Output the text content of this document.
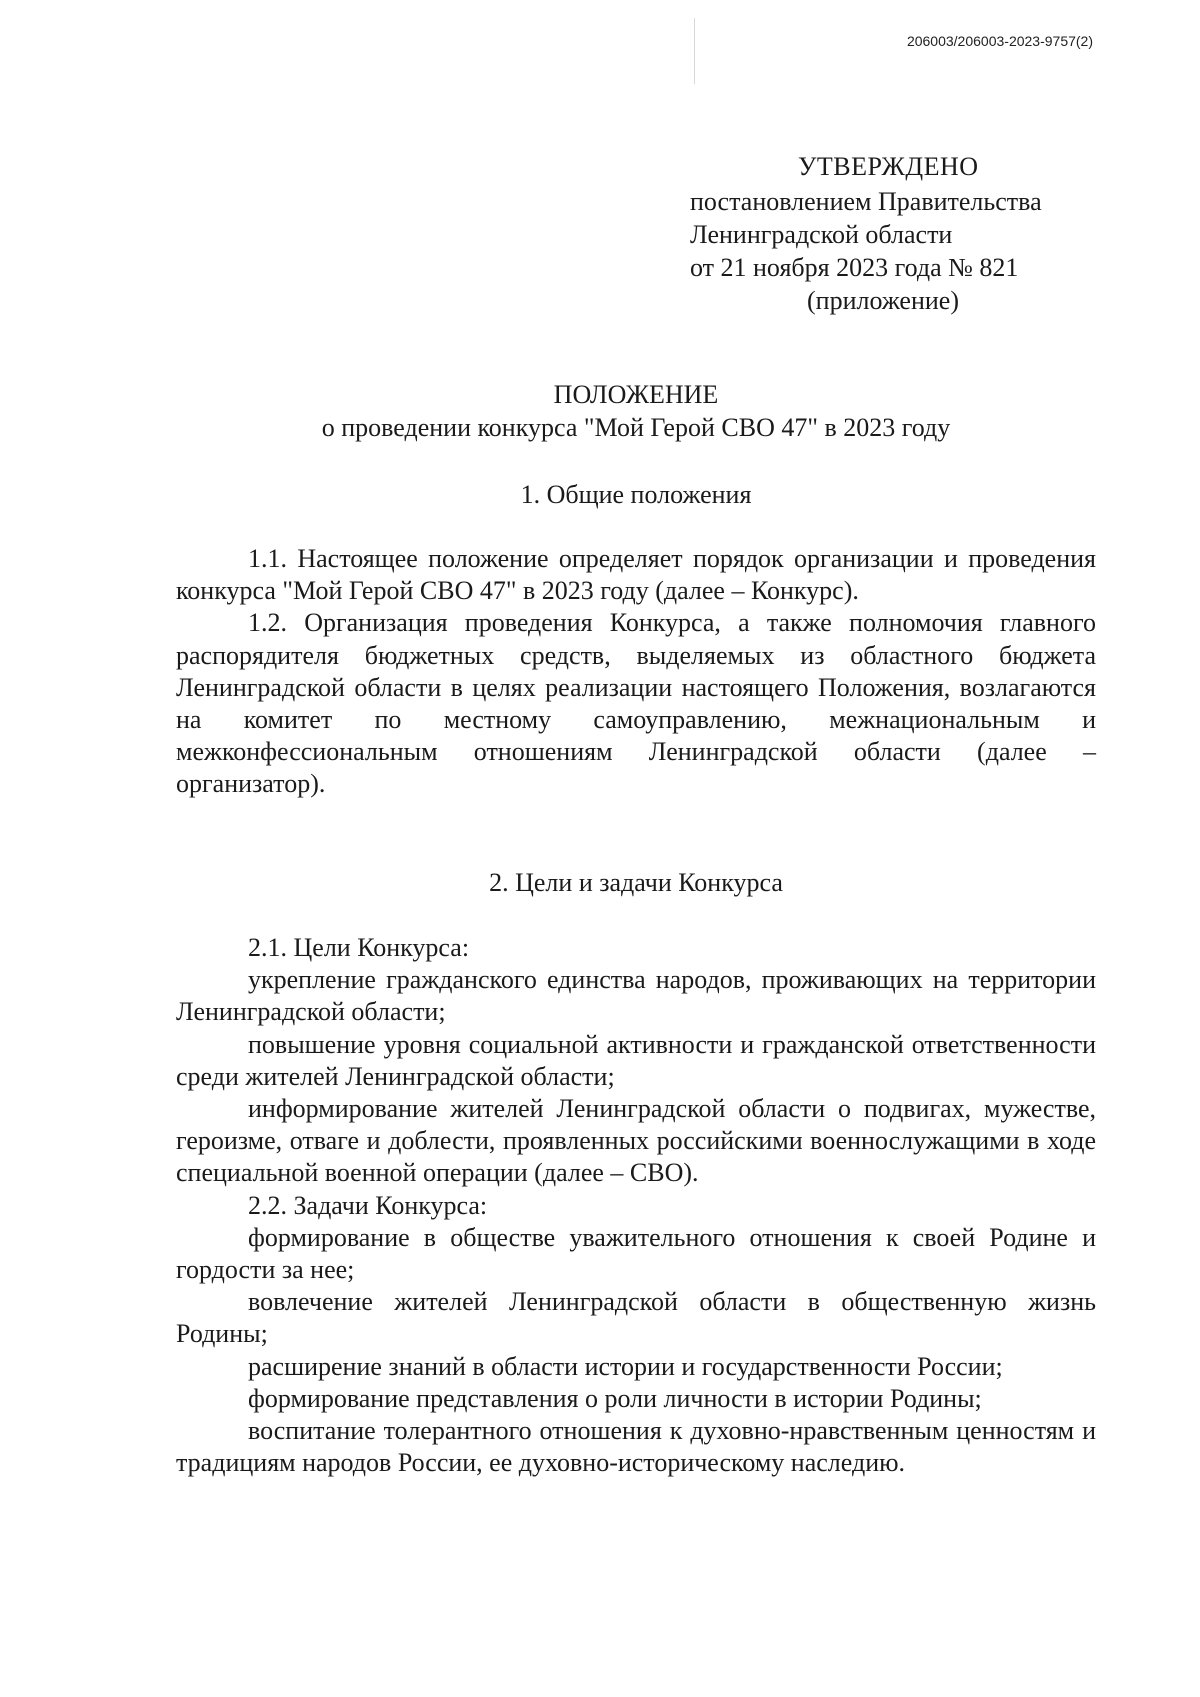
206003/206003-2023-9757(2)
УТВЕРЖДЕНО
постановлением Правительства
Ленинградской области
от 21 ноября 2023 года № 821
(приложение)
ПОЛОЖЕНИЕ
о проведении конкурса "Мой Герой СВО 47" в 2023 году
1. Общие положения

1.1. Настоящее положение определяет порядок организации и проведения конкурса "Мой Герой СВО 47" в 2023 году (далее – Конкурс).

1.2. Организация проведения Конкурса, а также полномочия главного распорядителя бюджетных средств, выделяемых из областного бюджета Ленинградской области в целях реализации настоящего Положения, возлагаются на комитет по местному самоуправлению, межнациональным и межконфессиональным отношениям Ленинградской области (далее – организатор).

2. Цели и задачи Конкурса

2.1. Цели Конкурса:

укрепление гражданского единства народов, проживающих на территории Ленинградской области;

повышение уровня социальной активности и гражданской ответственности среди жителей Ленинградской области;

информирование жителей Ленинградской области о подвигах, мужестве, героизме, отваге и доблести, проявленных российскими военнослужащими в ходе специальной военной операции (далее – СВО).

2.2. Задачи Конкурса:

формирование в обществе уважительного отношения к своей Родине и гордости за нее;

вовлечение жителей Ленинградской области в общественную жизнь Родины;

расширение знаний в области истории и государственности России;

формирование представления о роли личности в истории Родины;

воспитание толерантного отношения к духовно-нравственным ценностям и традициям народов России, ее духовно-историческому наследию.
